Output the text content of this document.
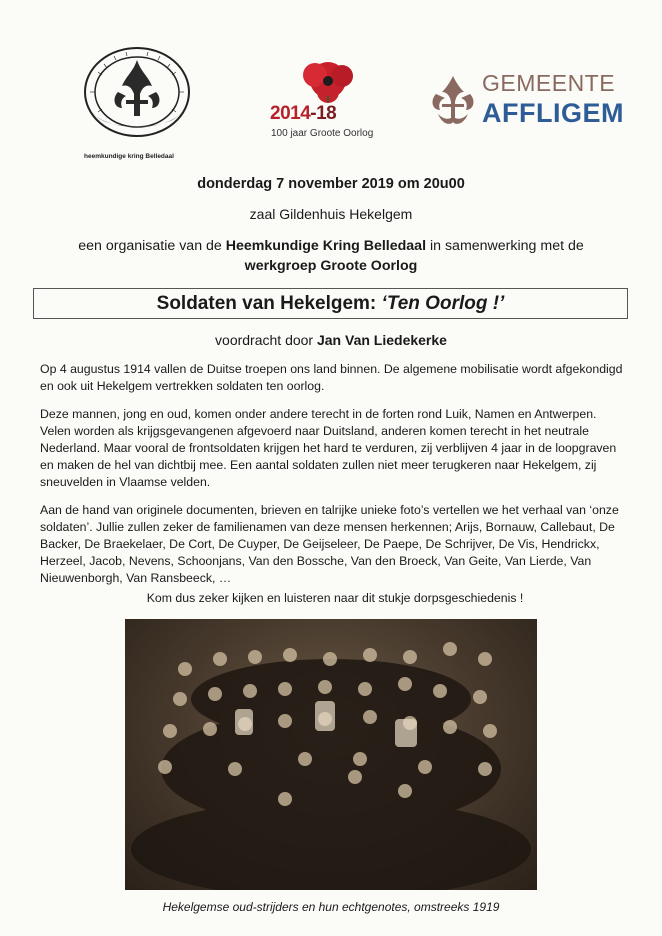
heemkundige kring Belledaal
2014-18
100 jaar Groote Oorlog
GEMEENTE
AFFLIGEM
donderdag 7 november 2019 om 20u00
zaal Gildenhuis Hekelgem
een organisatie van de Heemkundige Kring Belledaal in samenwerking met de
werkgroep Groote Oorlog
Soldaten van Hekelgem: ‘Ten Oorlog !’
voordracht door Jan Van Liedekerke

Op 4 augustus 1914 vallen de Duitse troepen ons land binnen. De algemene mobilisatie wordt afgekondigd en ook uit Hekelgem vertrekken soldaten ten oorlog.

Deze mannen, jong en oud, komen onder andere terecht in de forten rond Luik, Namen en Antwerpen. Velen worden als krijgsgevangenen afgevoerd naar Duitsland, anderen komen terecht in het neutrale Nederland. Maar vooral de frontsoldaten krijgen het hard te verduren, zij verblijven 4 jaar in de loopgraven en maken de hel van dichtbij mee. Een aantal soldaten zullen niet meer terugkeren naar Hekelgem, zij sneuvelden in Vlaamse velden.

Aan de hand van originele documenten, brieven en talrijke unieke foto’s vertellen we het verhaal van ‘onze soldaten’. Jullie zullen zeker de familienamen van deze mensen herkennen; Arijs, Bornauw, Callebaut, De Backer, De Braekelaer, De Cort, De Cuyper, De Geijseleer, De Paepe, De Schrijver, De Vis, Hendrickx, Herzeel, Jacob, Nevens, Schoonjans, Van den Bossche, Van den Broeck, Van Geite, Van Lierde, Van Nieuwenborgh, Van Ransbeeck, …

Kom dus zeker kijken en luisteren naar dit stukje dorpsgeschiedenis !

Hekelgemse oud-strijders en hun echtgenotes, omstreeks 1919
